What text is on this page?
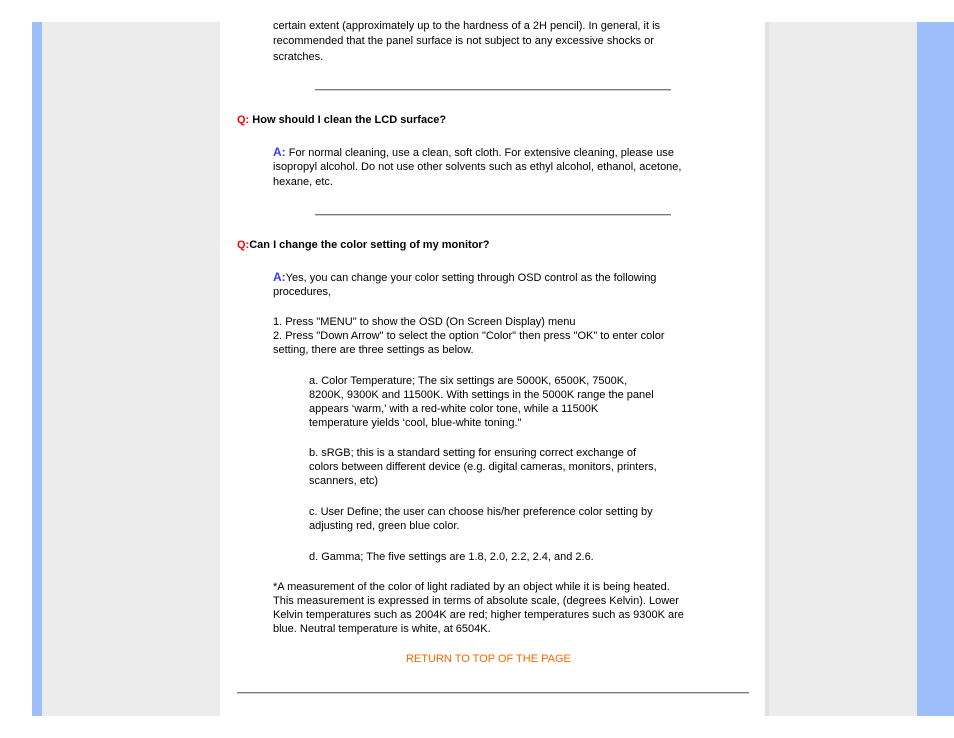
certain extent (approximately up to the hardness of a 2H pencil). In general, it is

recommended that the panel surface is not subject to any excessive shocks or

scratches.

Q: How should I clean the LCD surface?

A: For normal cleaning, use a clean, soft cloth. For extensive cleaning, please use

isopropyl alcohol. Do not use other solvents such as ethyl alcohol, ethanol, acetone,

hexane, etc.

Q:Can I change the color setting of my monitor?

A:Yes, you can change your color setting through OSD control as the following

procedures,

1. Press "MENU" to show the OSD (On Screen Display) menu

2. Press "Down Arrow" to select the option "Color" then press "OK" to enter color

setting, there are three settings as below.

a. Color Temperature; The six settings are 5000K, 6500K, 7500K,

8200K, 9300K and 11500K. With settings in the 5000K range the panel

appears ‘warm,' with a red-white color tone, while a 11500K

temperature yields ‘cool, blue-white toning."

b. sRGB; this is a standard setting for ensuring correct exchange of

colors between different device (e.g. digital cameras, monitors, printers,

scanners, etc)

c. User Define; the user can choose his/her preference color setting by

adjusting red, green blue color.

d. Gamma; The five settings are 1.8, 2.0, 2.2, 2.4, and 2.6.

*A measurement of the color of light radiated by an object while it is being heated.

This measurement is expressed in terms of absolute scale, (degrees Kelvin). Lower

Kelvin temperatures such as 2004K are red; higher temperatures such as 9300K are

blue. Neutral temperature is white, at 6504K.

RETURN TO TOP OF THE PAGE
